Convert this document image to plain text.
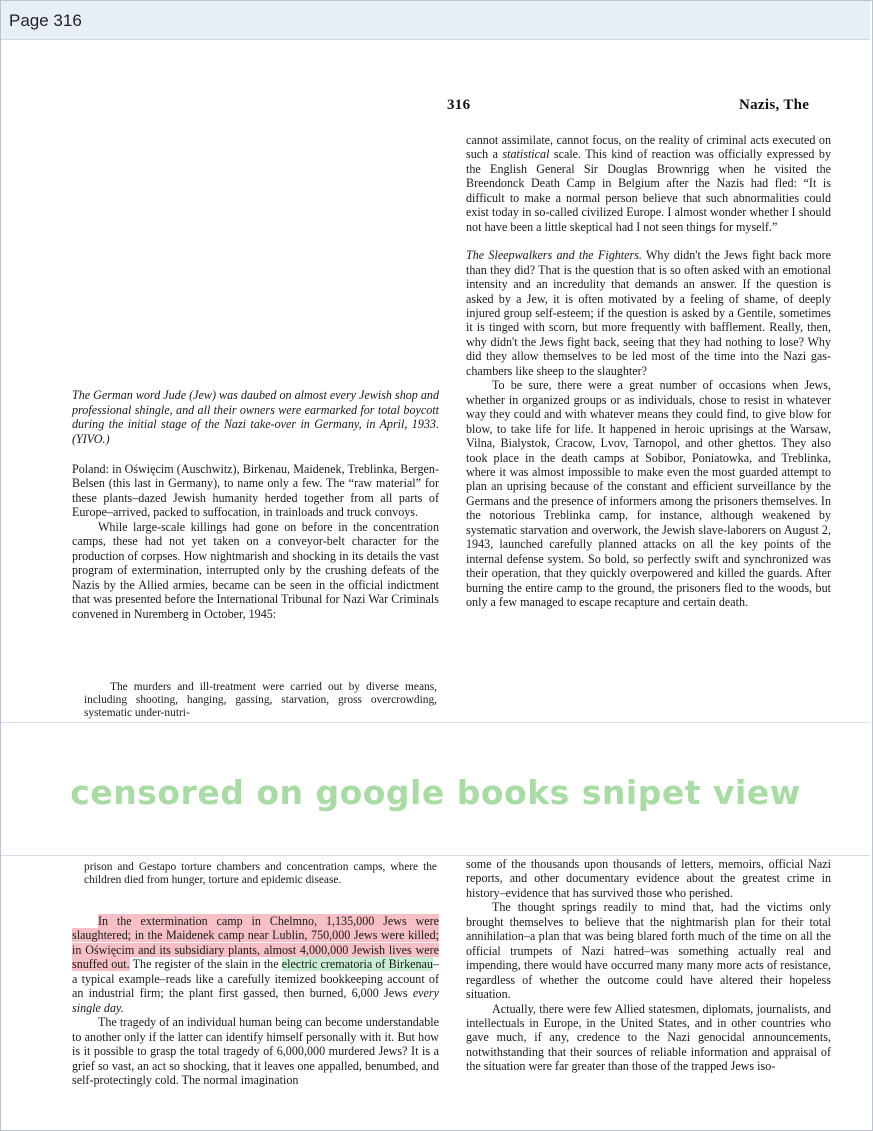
Page 316
316	Nazis, The

The German word Jude (Jew) was daubed on almost every Jewish shop and professional shingle, and all their owners were earmarked for total boycott during the initial stage of the Nazi take-over in Germany, in April, 1933. (YIVO.)

Poland: in Oświęcim (Auschwitz), Birkenau, Maidenek, Treblinka, Bergen-Belsen (this last in Germany), to name only a few. The “raw material” for these plants–dazed Jewish humanity herded together from all parts of Europe–arrived, packed to suffocation, in trainloads and truck convoys.

While large-scale killings had gone on before in the concentration camps, these had not yet taken on a conveyor-belt character for the production of corpses. How nightmarish and shocking in its details the vast program of extermination, interrupted only by the crushing defeats of the Nazis by the Allied armies, became can be seen in the official indictment that was presented before the International Tribunal for Nazi War Criminals convened in Nuremberg in October, 1945:

The murders and ill-treatment were carried out by diverse means, including shooting, hanging, gassing, starvation, gross overcrowding, systematic under-nutri-

prison and Gestapo torture chambers and concentration camps, where the children died from hunger, torture and epidemic disease.

In the extermination camp in Chelmno, 1,135,000 Jews were slaughtered; in the Maidenek camp near Lublin, 750,000 Jews were killed; in Oświęcim and its subsidiary plants, almost 4,000,000 Jewish lives were snuffed out. The register of the slain in the electric crematoria of Birkenau–a typical example–reads like a carefully itemized bookkeeping account of an industrial firm; the plant first gassed, then burned, 6,000 Jews every single day.

The tragedy of an individual human being can become understandable to another only if the latter can identify himself personally with it. But how is it possible to grasp the total tragedy of 6,000,000 murdered Jews? It is a grief so vast, an act so shocking, that it leaves one appalled, benumbed, and self-protectingly cold. The normal imagination

cannot assimilate, cannot focus, on the reality of criminal acts executed on such a statistical scale. This kind of reaction was officially expressed by the English General Sir Douglas Brownrigg when he visited the Breendonck Death Camp in Belgium after the Nazis had fled: “It is difficult to make a normal person believe that such abnormalities could exist today in so-called civilized Europe. I almost wonder whether I should not have been a little skeptical had I not seen things for myself.”

The Sleepwalkers and the Fighters. Why didn't the Jews fight back more than they did? That is the question that is so often asked with an emotional intensity and an incredulity that demands an answer. If the question is asked by a Jew, it is often motivated by a feeling of shame, of deeply injured group self-esteem; if the question is asked by a Gentile, sometimes it is tinged with scorn, but more frequently with bafflement. Really, then, why didn't the Jews fight back, seeing that they had nothing to lose? Why did they allow themselves to be led most of the time into the Nazi gas-chambers like sheep to the slaughter?

To be sure, there were a great number of occasions when Jews, whether in organized groups or as individuals, chose to resist in whatever way they could and with whatever means they could find, to give blow for blow, to take life for life. It happened in heroic uprisings at the Warsaw, Vilna, Bialystok, Cracow, Lvov, Tarnopol, and other ghettos. They also took place in the death camps at Sobibor, Poniatowka, and Treblinka, where it was almost impossible to make even the most guarded attempt to plan an uprising because of the constant and efficient surveillance by the Germans and the presence of informers among the prisoners themselves. In the notorious Treblinka camp, for instance, although weakened by systematic starvation and overwork, the Jewish slave-laborers on August 2, 1943, launched carefully planned attacks on all the key points of the internal defense system. So bold, so perfectly swift and synchronized was their operation, that they quickly overpowered and killed the guards. After burning the entire camp to the ground, the prisoners fled to the woods, but only a few managed to escape recapture and certain death.

some of the thousands upon thousands of letters, memoirs, official Nazi reports, and other documentary evidence about the greatest crime in history–evidence that has survived those who perished.

The thought springs readily to mind that, had the victims only brought themselves to believe that the nightmarish plan for their total annihilation–a plan that was being blared forth much of the time on all the official trumpets of Nazi hatred–was something actually real and impending, there would have occurred many many more acts of resistance, regardless of whether the outcome could have altered their hopeless situation.

Actually, there were few Allied statesmen, diplomats, journalists, and intellectuals in Europe, in the United States, and in other countries who gave much, if any, credence to the Nazi genocidal announcements, notwithstanding that their sources of reliable information and appraisal of the situation were far greater than those of the trapped Jews iso-

censored on google books snipet view
